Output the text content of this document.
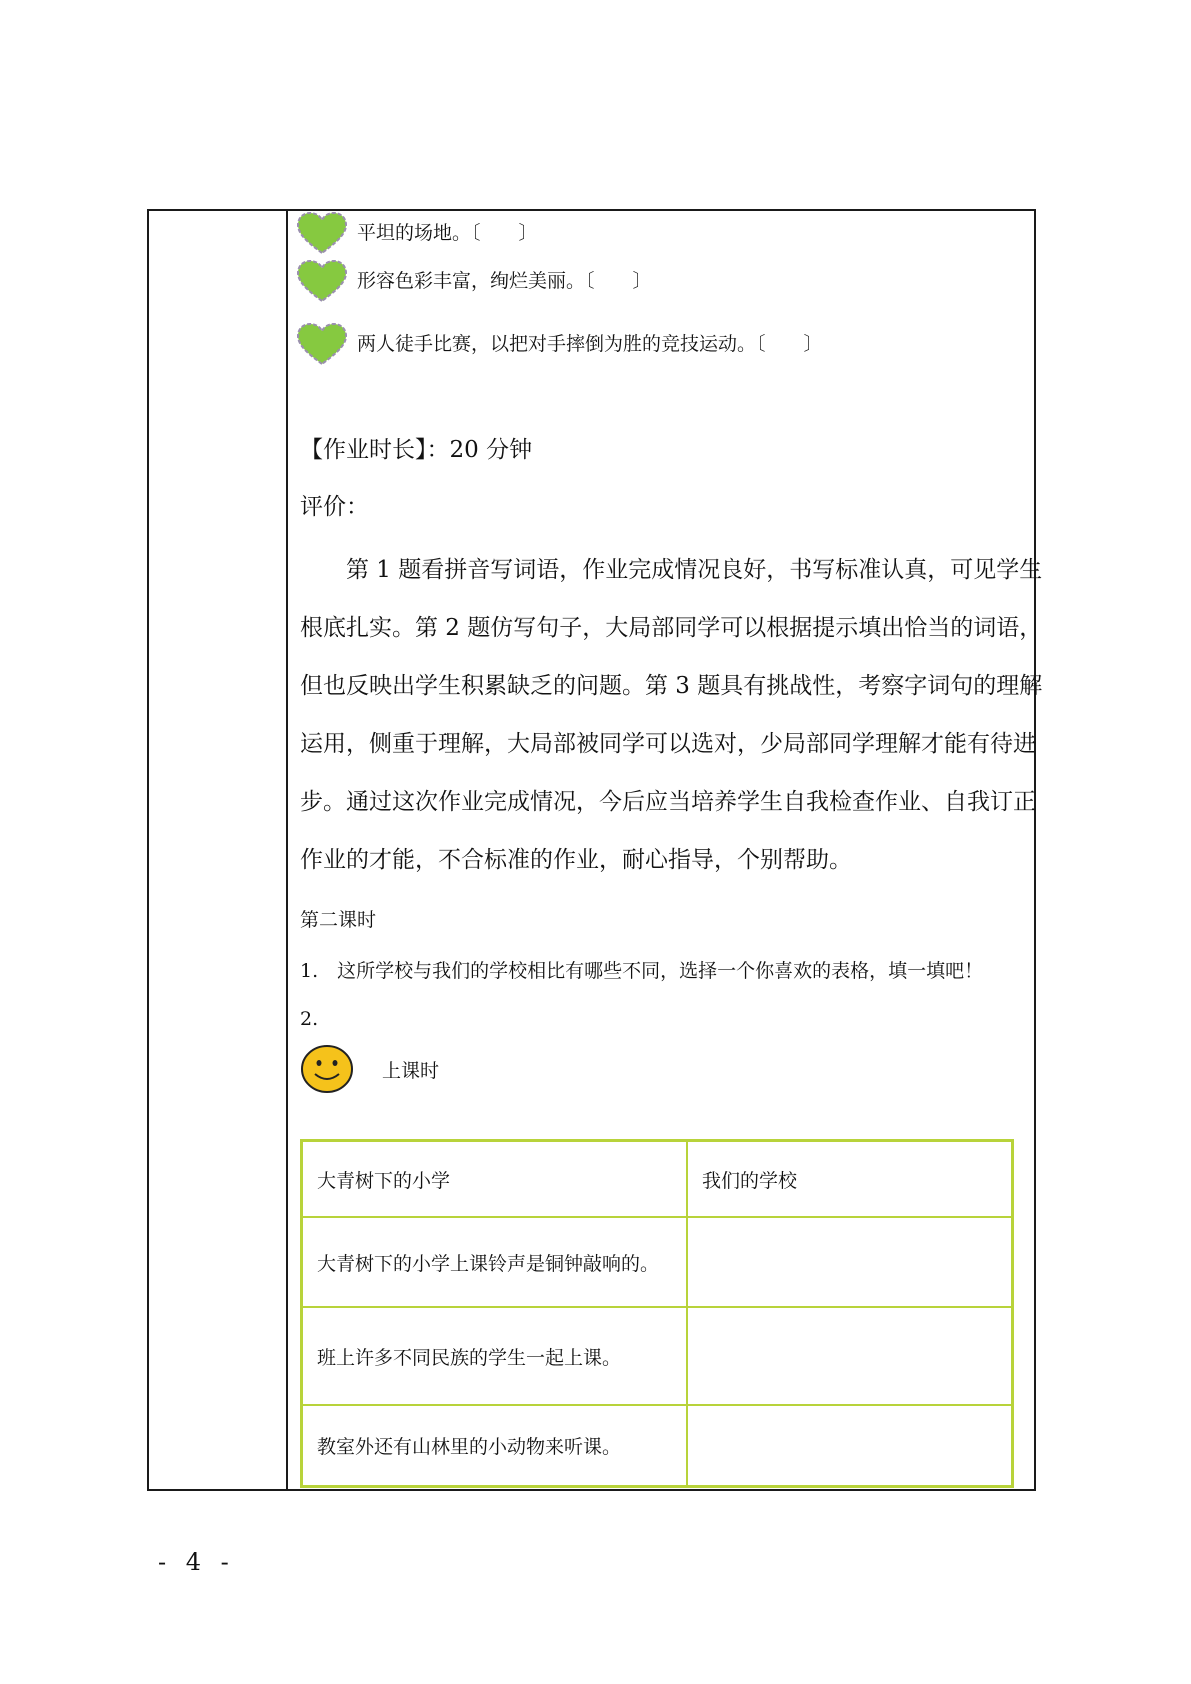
平坦的场地。〔　　〕
形容色彩丰富，绚烂美丽。〔　　〕
两人徒手比赛，以把对手摔倒为胜的竞技运动。〔　　〕
【作业时长】：20 分钟
评价：
　　第 1 题看拼音写词语，作业完成情况良好，书写标准认真，可见学生
根底扎实。第 2 题仿写句子，大局部同学可以根据提示填出恰当的词语，
但也反映出学生积累缺乏的问题。第 3 题具有挑战性，考察字词句的理解
运用，侧重于理解，大局部被同学可以选对，少局部同学理解才能有待进
步。通过这次作业完成情况，今后应当培养学生自我检查作业、自我订正
作业的才能，不合标准的作业，耐心指导，个别帮助。
第二课时
1.　这所学校与我们的学校相比有哪些不同，选择一个你喜欢的表格，填一填吧！
2.
上课时
大青树下的小学	我们的学校
大青树下的小学上课铃声是铜钟敲响的。
班上许多不同民族的学生一起上课。
教室外还有山林里的小动物来听课。
- 4 -
